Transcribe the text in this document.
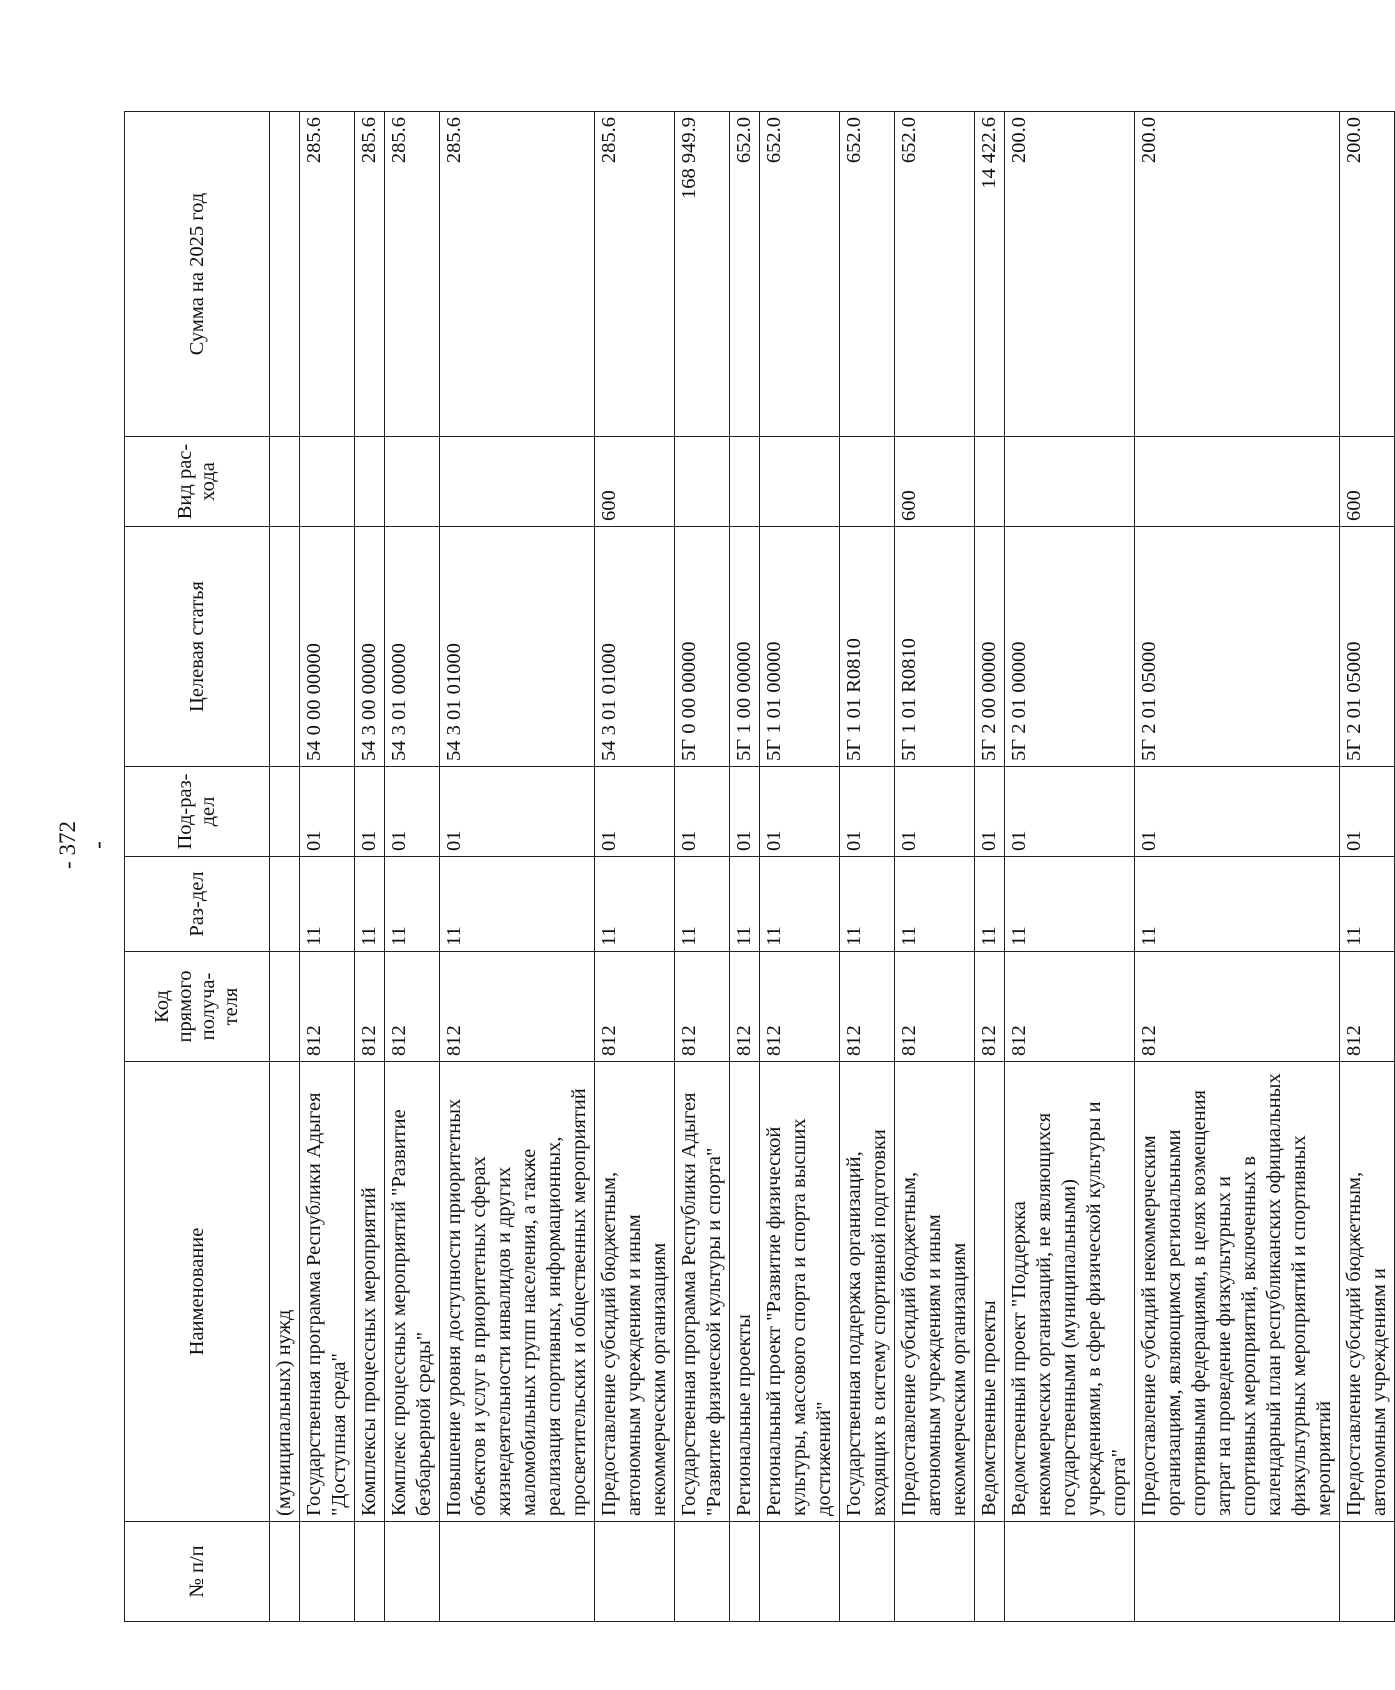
- 372 -
№ п/п	Наименование	Код прямого получа-теля	Раз-дел	Под-раз-дел	Целевая статья	Вид рас-хода	Сумма на 2025 год
	(муниципальных) нужд						
	Государственная программа Республики Адыгея "Доступная среда"	812	11	01	54 0 00 00000		285.6
	Комплексы процессных мероприятий	812	11	01	54 3 00 00000		285.6
	Комплекс процессных мероприятий "Развитие безбарьерной среды"	812	11	01	54 3 01 00000		285.6
	Повышение уровня доступности приоритетных объектов и услуг в приоритетных сферах жизнедеятельности инвалидов и других маломобильных групп населения, а также реализация спортивных, информационных, просветительских и общественных мероприятий	812	11	01	54 3 01 01000		285.6
	Предоставление субсидий бюджетным, автономным учреждениям и иным некоммерческим организациям	812	11	01	54 3 01 01000	600	285.6
	Государственная программа Республики Адыгея "Развитие физической культуры и спорта"	812	11	01	5Г 0 00 00000		168 949.9
	Региональные проекты	812	11	01	5Г 1 00 00000		652.0
	Региональный проект "Развитие физической культуры, массового спорта и спорта высших достижений"	812	11	01	5Г 1 01 00000		652.0
	Государственная поддержка организаций, входящих в систему спортивной подготовки	812	11	01	5Г 1 01 R0810		652.0
	Предоставление субсидий бюджетным, автономным учреждениям и иным некоммерческим организациям	812	11	01	5Г 1 01 R0810	600	652.0
	Ведомственные проекты	812	11	01	5Г 2 00 00000		14 422.6
	Ведомственный проект "Поддержка некоммерческих организаций, не являющихся государственными (муниципальными) учреждениями, в сфере физической культуры и спорта"	812	11	01	5Г 2 01 00000		200.0
	Предоставление субсидий некоммерческим организациям, являющимся региональными спортивными федерациями, в целях возмещения затрат на проведение физкультурных и спортивных мероприятий, включенных в календарный план республиканских официальных физкультурных мероприятий и спортивных мероприятий	812	11	01	5Г 2 01 05000		200.0
	Предоставление субсидий бюджетным, автономным учреждениям и	812	11	01	5Г 2 01 05000	600	200.0
